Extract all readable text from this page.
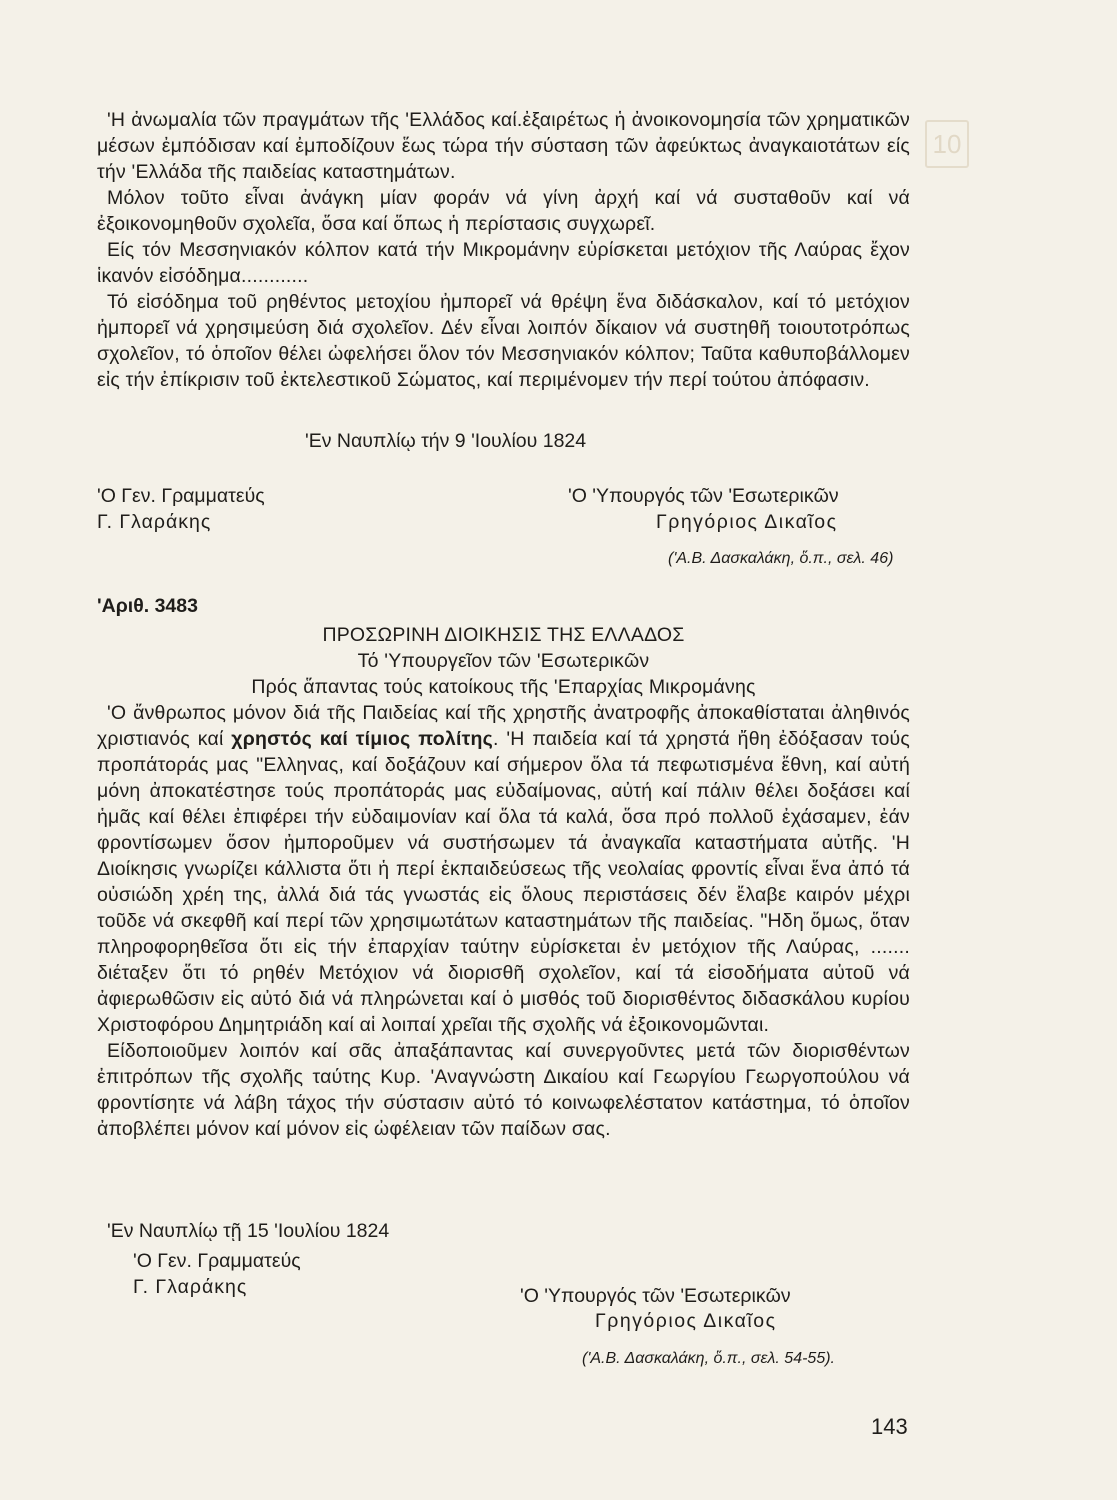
10

'Η ἀνωμαλία τῶν πραγμάτων τῆς 'Ελλάδος καί.ἐξαιρέτως ἡ ἀνοικονομησία τῶν χρηματικῶν μέσων ἐμπόδισαν καί ἐμποδίζουν ἕως τώρα τήν σύσταση τῶν ἀφεύκτως ἀναγκαιοτάτων είς τήν 'Ελλάδα τῆς παιδείας καταστημάτων.

Μόλον τοῦτο εἶναι ἀνάγκη μίαν φοράν νά γίνη ἀρχή καί νά συσταθοῦν καί νά ἐξοικονομηθοῦν σχολεῖα, ὅσα καί ὅπως ἡ περίστασις συγχωρεῖ.

Είς τόν Μεσσηνιακόν κόλπον κατά τήν Μικρομάνην εὑρίσκεται μετόχιον τῆς Λαύρας ἔχον ἱκανόν εἰσόδημα............

Τό εἰσόδημα τοῦ ρηθέντος μετοχίου ἠμπορεῖ νά θρέψη ἕνα διδάσκαλον, καί τό μετόχιον ἠμπορεῖ νά χρησιμεύση διά σχολεῖον. Δέν εἶναι λοιπόν δίκαιον νά συστηθῆ τοιουτοτρόπως σχολεῖον, τό ὁποῖον θέλει ὠφελήσει ὅλον τόν Μεσσηνιακόν κόλπον; Ταῦτα καθυποβάλλομεν εἰς τήν ἐπίκρισιν τοῦ ἐκτελεστικοῦ Σώματος, καί περιμένομεν τήν περί τούτου ἀπόφασιν.

'Εν Ναυπλίῳ τήν 9 'Ιουλίου 1824
'Ο Γεν. Γραμματεύς
Γ. Γλαράκης
'Ο 'Υπουργός τῶν 'Εσωτερικῶν
Γρηγόριος Δικαῖος
('Α.Β. Δασκαλάκη, ὅ.π., σελ. 46)
'Αριθ. 3483
ΠΡΟΣΩΡΙΝΗ ΔΙΟΙΚΗΣΙΣ ΤΗΣ ΕΛΛΑΔΟΣ
Τό 'Υπουργεῖον τῶν 'Εσωτερικῶν
Πρός ἅπαντας τούς κατοίκους τῆς 'Επαρχίας Μικρομάνης

'Ο ἄνθρωπος μόνον διά τῆς Παιδείας καί τῆς χρηστῆς ἀνατροφῆς ἀποκαθίσταται ἀληθινός χριστιανός καί χρηστός καί τίμιος πολίτης. 'Η παιδεία καί τά χρηστά ἤθη ἐδόξασαν τούς προπάτοράς μας "Ελληνας, καί δοξάζουν καί σήμερον ὅλα τά πεφωτισμένα ἔθνη, καί αὐτή μόνη ἀποκατέστησε τούς προπάτοράς μας εὐδαίμονας, αὐτή καί πάλιν θέλει δοξάσει καί ἡμᾶς καί θέλει ἐπιφέρει τήν εὐδαιμονίαν καί ὅλα τά καλά, ὅσα πρό πολλοῦ ἐχάσαμεν, ἐάν φροντίσωμεν ὅσον ἠμποροῦμεν νά συστήσωμεν τά ἀναγκαῖα καταστήματα αὐτῆς. 'Η Διοίκησις γνωρίζει κάλλιστα ὅτι ἡ περί ἐκπαιδεύσεως τῆς νεολαίας φροντίς εἶναι ἕνα ἀπό τά οὐσιώδη χρέη της, ἀλλά διά τάς γνωστάς εἰς ὅλους περιστάσεις δέν ἔλαβε καιρόν μέχρι τοῦδε νά σκεφθῆ καί περί τῶν χρησιμωτάτων καταστημάτων τῆς παιδείας. "Ηδη ὅμως, ὅταν πληροφορηθεῖσα ὅτι εἰς τήν ἐπαρχίαν ταύτην εὑρίσκεται ἐν μετόχιον τῆς Λαύρας, ....... διέταξεν ὅτι τό ρηθέν Μετόχιον νά διορισθῆ σχολεῖον, καί τά εἰσοδήματα αὐτοῦ νά ἀφιερωθῶσιν εἰς αὐτό διά νά πληρώνεται καί ὁ μισθός τοῦ διορισθέντος διδασκάλου κυρίου Χριστοφόρου Δημητριάδη καί αἱ λοιπαί χρεῖαι τῆς σχολῆς νά ἐξοικονομῶνται.

Είδοποιοῦμεν λοιπόν καί σᾶς ἀπαξάπαντας καί συνεργοῦντες μετά τῶν διορισθέντων ἐπιτρόπων τῆς σχολῆς ταύτης Κυρ. 'Αναγνώστη Δικαίου καί Γεωργίου Γεωργοπούλου νά φροντίσητε νά λάβη τάχος τήν σύστασιν αὐτό τό κοινωφελέστατον κατάστημα, τό ὁποῖον ἀποβλέπει μόνον καί μόνον εἰς ὠφέλειαν τῶν παίδων σας.

'Εν Ναυπλίῳ τῇ 15 'Ιουλίου 1824
'Ο Γεν. Γραμματεύς
Γ. Γλαράκης	'Ο 'Υπουργός τῶν 'Εσωτερικῶν
Γρηγόριος Δικαῖος
('Α.Β. Δασκαλάκη, ὅ.π., σελ. 54-55).
143
